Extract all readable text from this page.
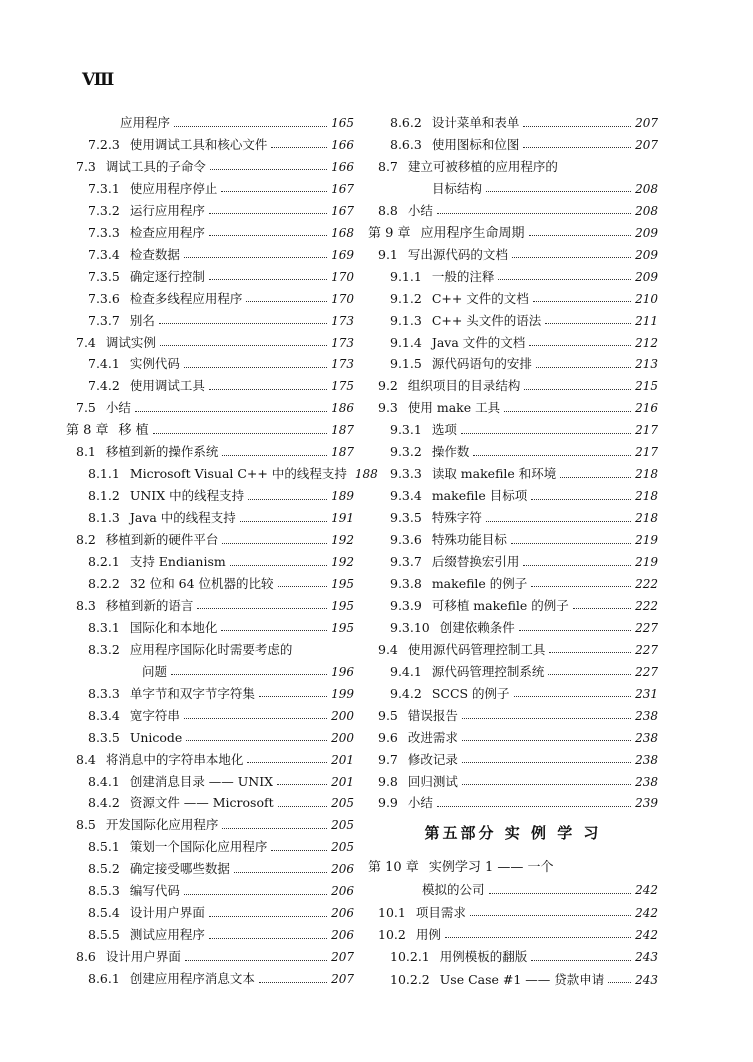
Ⅷ
第五部分 实 例 学 习
应用程序	165
7.2.3 使用调试工具和核心文件	166
7.3 调试工具的子命令	166
7.3.1 使应用程序停止	167
7.3.2 运行应用程序	167
7.3.3 检查应用程序	168
7.3.4 检查数据	169
7.3.5 确定逐行控制	170
7.3.6 检查多线程应用程序	170
7.3.7 别名	173
7.4 调试实例	173
7.4.1 实例代码	173
7.4.2 使用调试工具	175
7.5 小结	186
第 8 章 移 植	187
8.1 移植到新的操作系统	187
8.1.1 Microsoft Visual C++ 中的线程支持 188
8.1.2 UNIX 中的线程支持	189
8.1.3 Java 中的线程支持	191
8.2 移植到新的硬件平台	192
8.2.1 支持 Endianism	192
8.2.2 32 位和 64 位机器的比较	195
8.3 移植到新的语言	195
8.3.1 国际化和本地化	195
8.3.2 应用程序国际化时需要考虑的
问题	196
8.3.3 单字节和双字节字符集	199
8.3.4 宽字符串	200
8.3.5 Unicode	200
8.4 将消息中的字符串本地化	201
8.4.1 创建消息目录 —— UNIX	201
8.4.2 资源文件 —— Microsoft	205
8.5 开发国际化应用程序	205
8.5.1 策划一个国际化应用程序	205
8.5.2 确定接受哪些数据	206
8.5.3 编写代码	206
8.5.4 设计用户界面	206
8.5.5 测试应用程序	206
8.6 设计用户界面	207
8.6.1 创建应用程序消息文本	207
8.6.2 设计菜单和表单	207
8.6.3 使用图标和位图	207
8.7 建立可被移植的应用程序的
目标结构	208
8.8 小结	208
第 9 章 应用程序生命周期	209
9.1 写出源代码的文档	209
9.1.1 一般的注释	209
9.1.2 C++ 文件的文档	210
9.1.3 C++ 头文件的语法	211
9.1.4 Java 文件的文档	212
9.1.5 源代码语句的安排	213
9.2 组织项目的目录结构	215
9.3 使用 make 工具	216
9.3.1 选项	217
9.3.2 操作数	217
9.3.3 读取 makefile 和环境	218
9.3.4 makefile 目标项	218
9.3.5 特殊字符	218
9.3.6 特殊功能目标	219
9.3.7 后缀替换宏引用	219
9.3.8 makefile 的例子	222
9.3.9 可移植 makefile 的例子	222
9.3.10 创建依赖条件	227
9.4 使用源代码管理控制工具	227
9.4.1 源代码管理控制系统	227
9.4.2 SCCS 的例子	231
9.5 错误报告	238
9.6 改进需求	238
9.7 修改记录	238
9.8 回归测试	238
9.9 小结	239
第 10 章 实例学习 1 —— 一个
模拟的公司	242
10.1 项目需求	242
10.2 用例	242
10.2.1 用例模板的翻版	243
10.2.2 Use Case #1 —— 贷款申请	243
